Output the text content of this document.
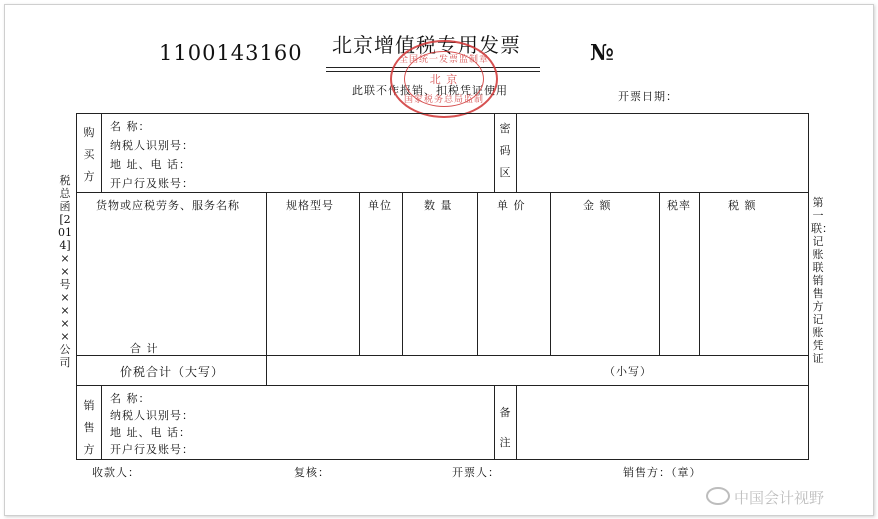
1100143160 北京增值税专用发票	№
此联不作报销、扣税凭证使用	开票日期：
全国统一发票监制章
北 京
国家税务总局监制
购买方
名 称：
纳税人识别号：
地 址、电 话：
开户行及账号：
密码区
货物或应税劳务、服务名称	规格型号	单位	数 量	单 价	金 额	税率	税 额
合 计
价税合计（大写）	（小写）
销售方
名 称：
纳税人识别号：
地 址、电 话：
开户行及账号：
备注
收款人：	复核：	开票人：	销售方：（章）
税总函[2014]××号××××公司
第一联：记账联 销售方记账凭证
中国会计视野
